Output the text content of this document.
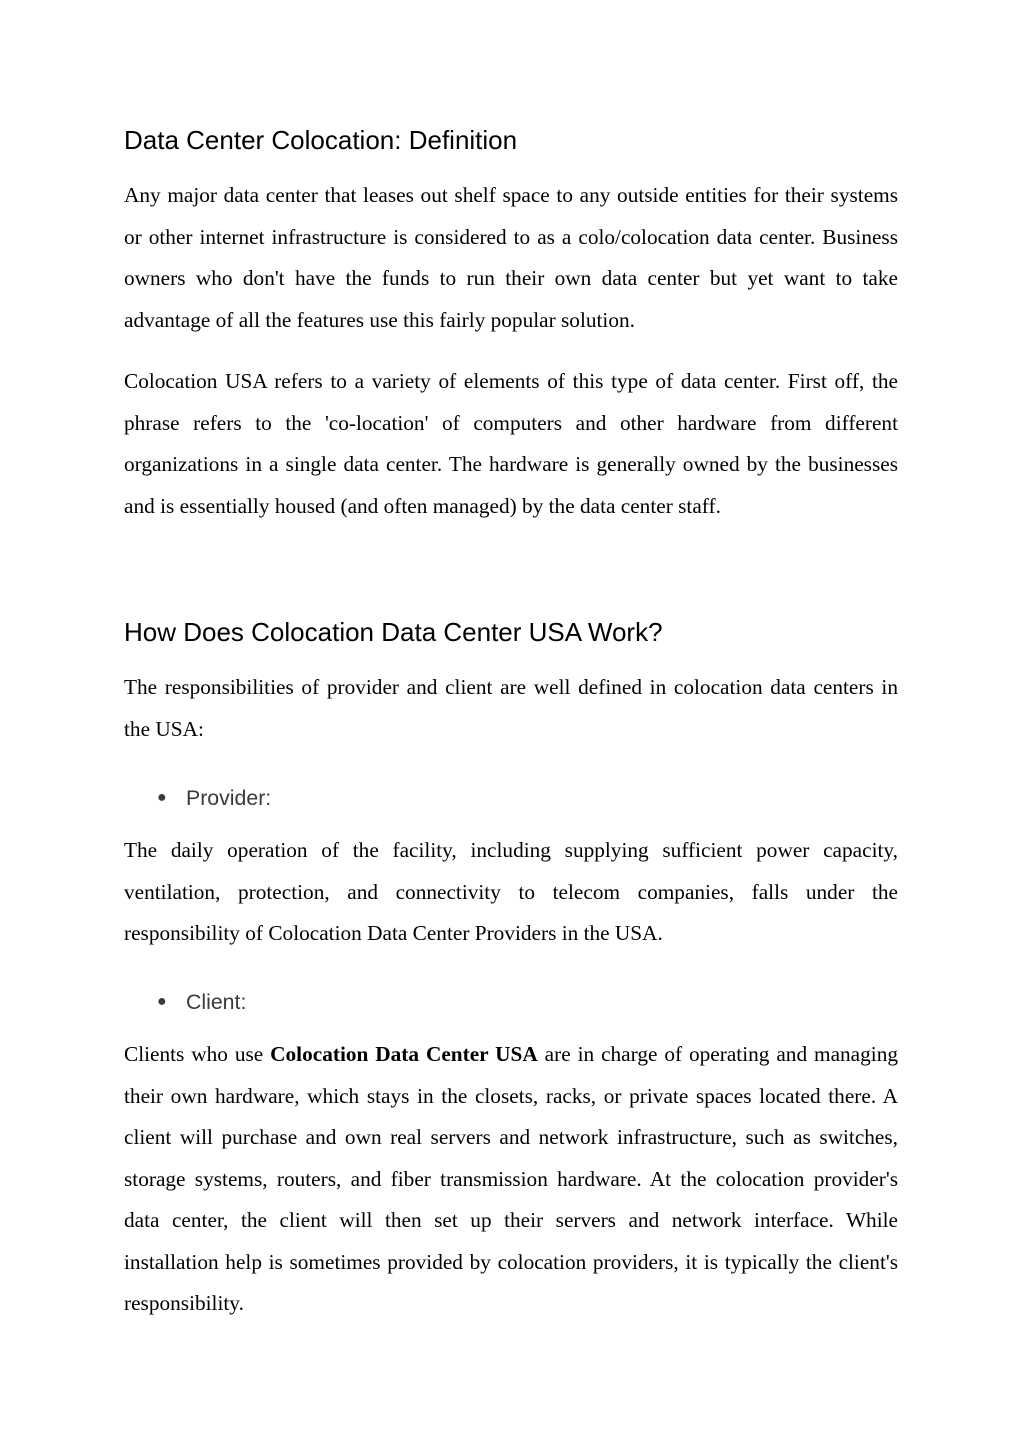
Data Center Colocation: Definition

Any major data center that leases out shelf space to any outside entities for their systems or other internet infrastructure is considered to as a colo/colocation data center. Business owners who don't have the funds to run their own data center but yet want to take advantage of all the features use this fairly popular solution.

Colocation USA refers to a variety of elements of this type of data center. First off, the phrase refers to the 'co-location' of computers and other hardware from different organizations in a single data center. The hardware is generally owned by the businesses and is essentially housed (and often managed) by the data center staff.

How Does Colocation Data Center USA Work?

The responsibilities of provider and client are well defined in colocation data centers in the USA:

● Provider:

The daily operation of the facility, including supplying sufficient power capacity, ventilation, protection, and connectivity to telecom companies, falls under the responsibility of Colocation Data Center Providers in the USA.

● Client:

Clients who use Colocation Data Center USA are in charge of operating and managing their own hardware, which stays in the closets, racks, or private spaces located there. A client will purchase and own real servers and network infrastructure, such as switches, storage systems, routers, and fiber transmission hardware. At the colocation provider's data center, the client will then set up their servers and network interface. While installation help is sometimes provided by colocation providers, it is typically the client's responsibility.
